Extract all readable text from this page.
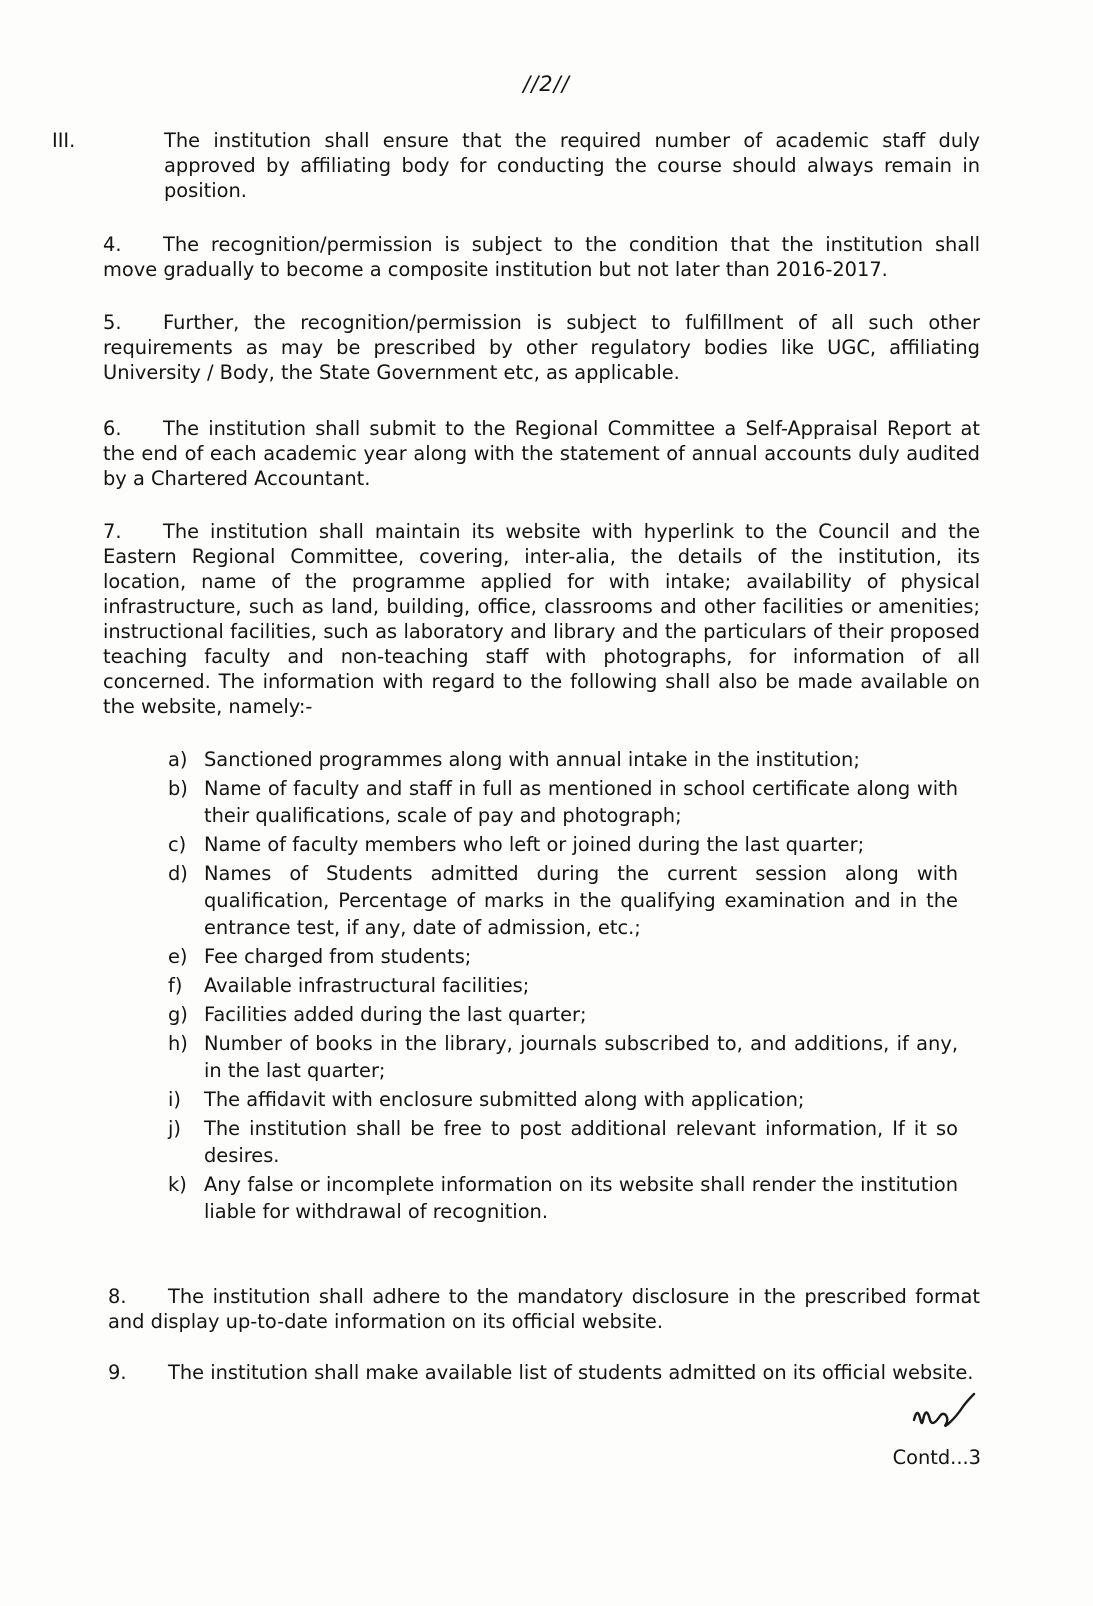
//2//

III.	The institution shall ensure that the required number of academic staff duly approved by affiliating body for conducting the course should always remain in position.

4. The recognition/permission is subject to the condition that the institution shall move gradually to become a composite institution but not later than 2016-2017.

5. Further, the recognition/permission is subject to fulfillment of all such other requirements as may be prescribed by other regulatory bodies like UGC, affiliating University / Body, the State Government etc, as applicable.

6. The institution shall submit to the Regional Committee a Self-Appraisal Report at the end of each academic year along with the statement of annual accounts duly audited by a Chartered Accountant.

7. The institution shall maintain its website with hyperlink to the Council and the Eastern Regional Committee, covering, inter-alia, the details of the institution, its location, name of the programme applied for with intake; availability of physical infrastructure, such as land, building, office, classrooms and other facilities or amenities; instructional facilities, such as laboratory and library and the particulars of their proposed teaching faculty and non-teaching staff with photographs, for information of all concerned. The information with regard to the following shall also be made available on the website, namely:-

a) Sanctioned programmes along with annual intake in the institution;
b) Name of faculty and staff in full as mentioned in school certificate along with their qualifications, scale of pay and photograph;
c) Name of faculty members who left or joined during the last quarter;
d) Names of Students admitted during the current session along with qualification, Percentage of marks in the qualifying examination and in the entrance test, if any, date of admission, etc.;
e) Fee charged from students;
f) Available infrastructural facilities;
g) Facilities added during the last quarter;
h) Number of books in the library, journals subscribed to, and additions, if any, in the last quarter;
i) The affidavit with enclosure submitted along with application;
j) The institution shall be free to post additional relevant information, If it so desires.
k) Any false or incomplete information on its website shall render the institution liable for withdrawal of recognition.

8. The institution shall adhere to the mandatory disclosure in the prescribed format and display up-to-date information on its official website.

9. The institution shall make available list of students admitted on its official website.

Contd...3
